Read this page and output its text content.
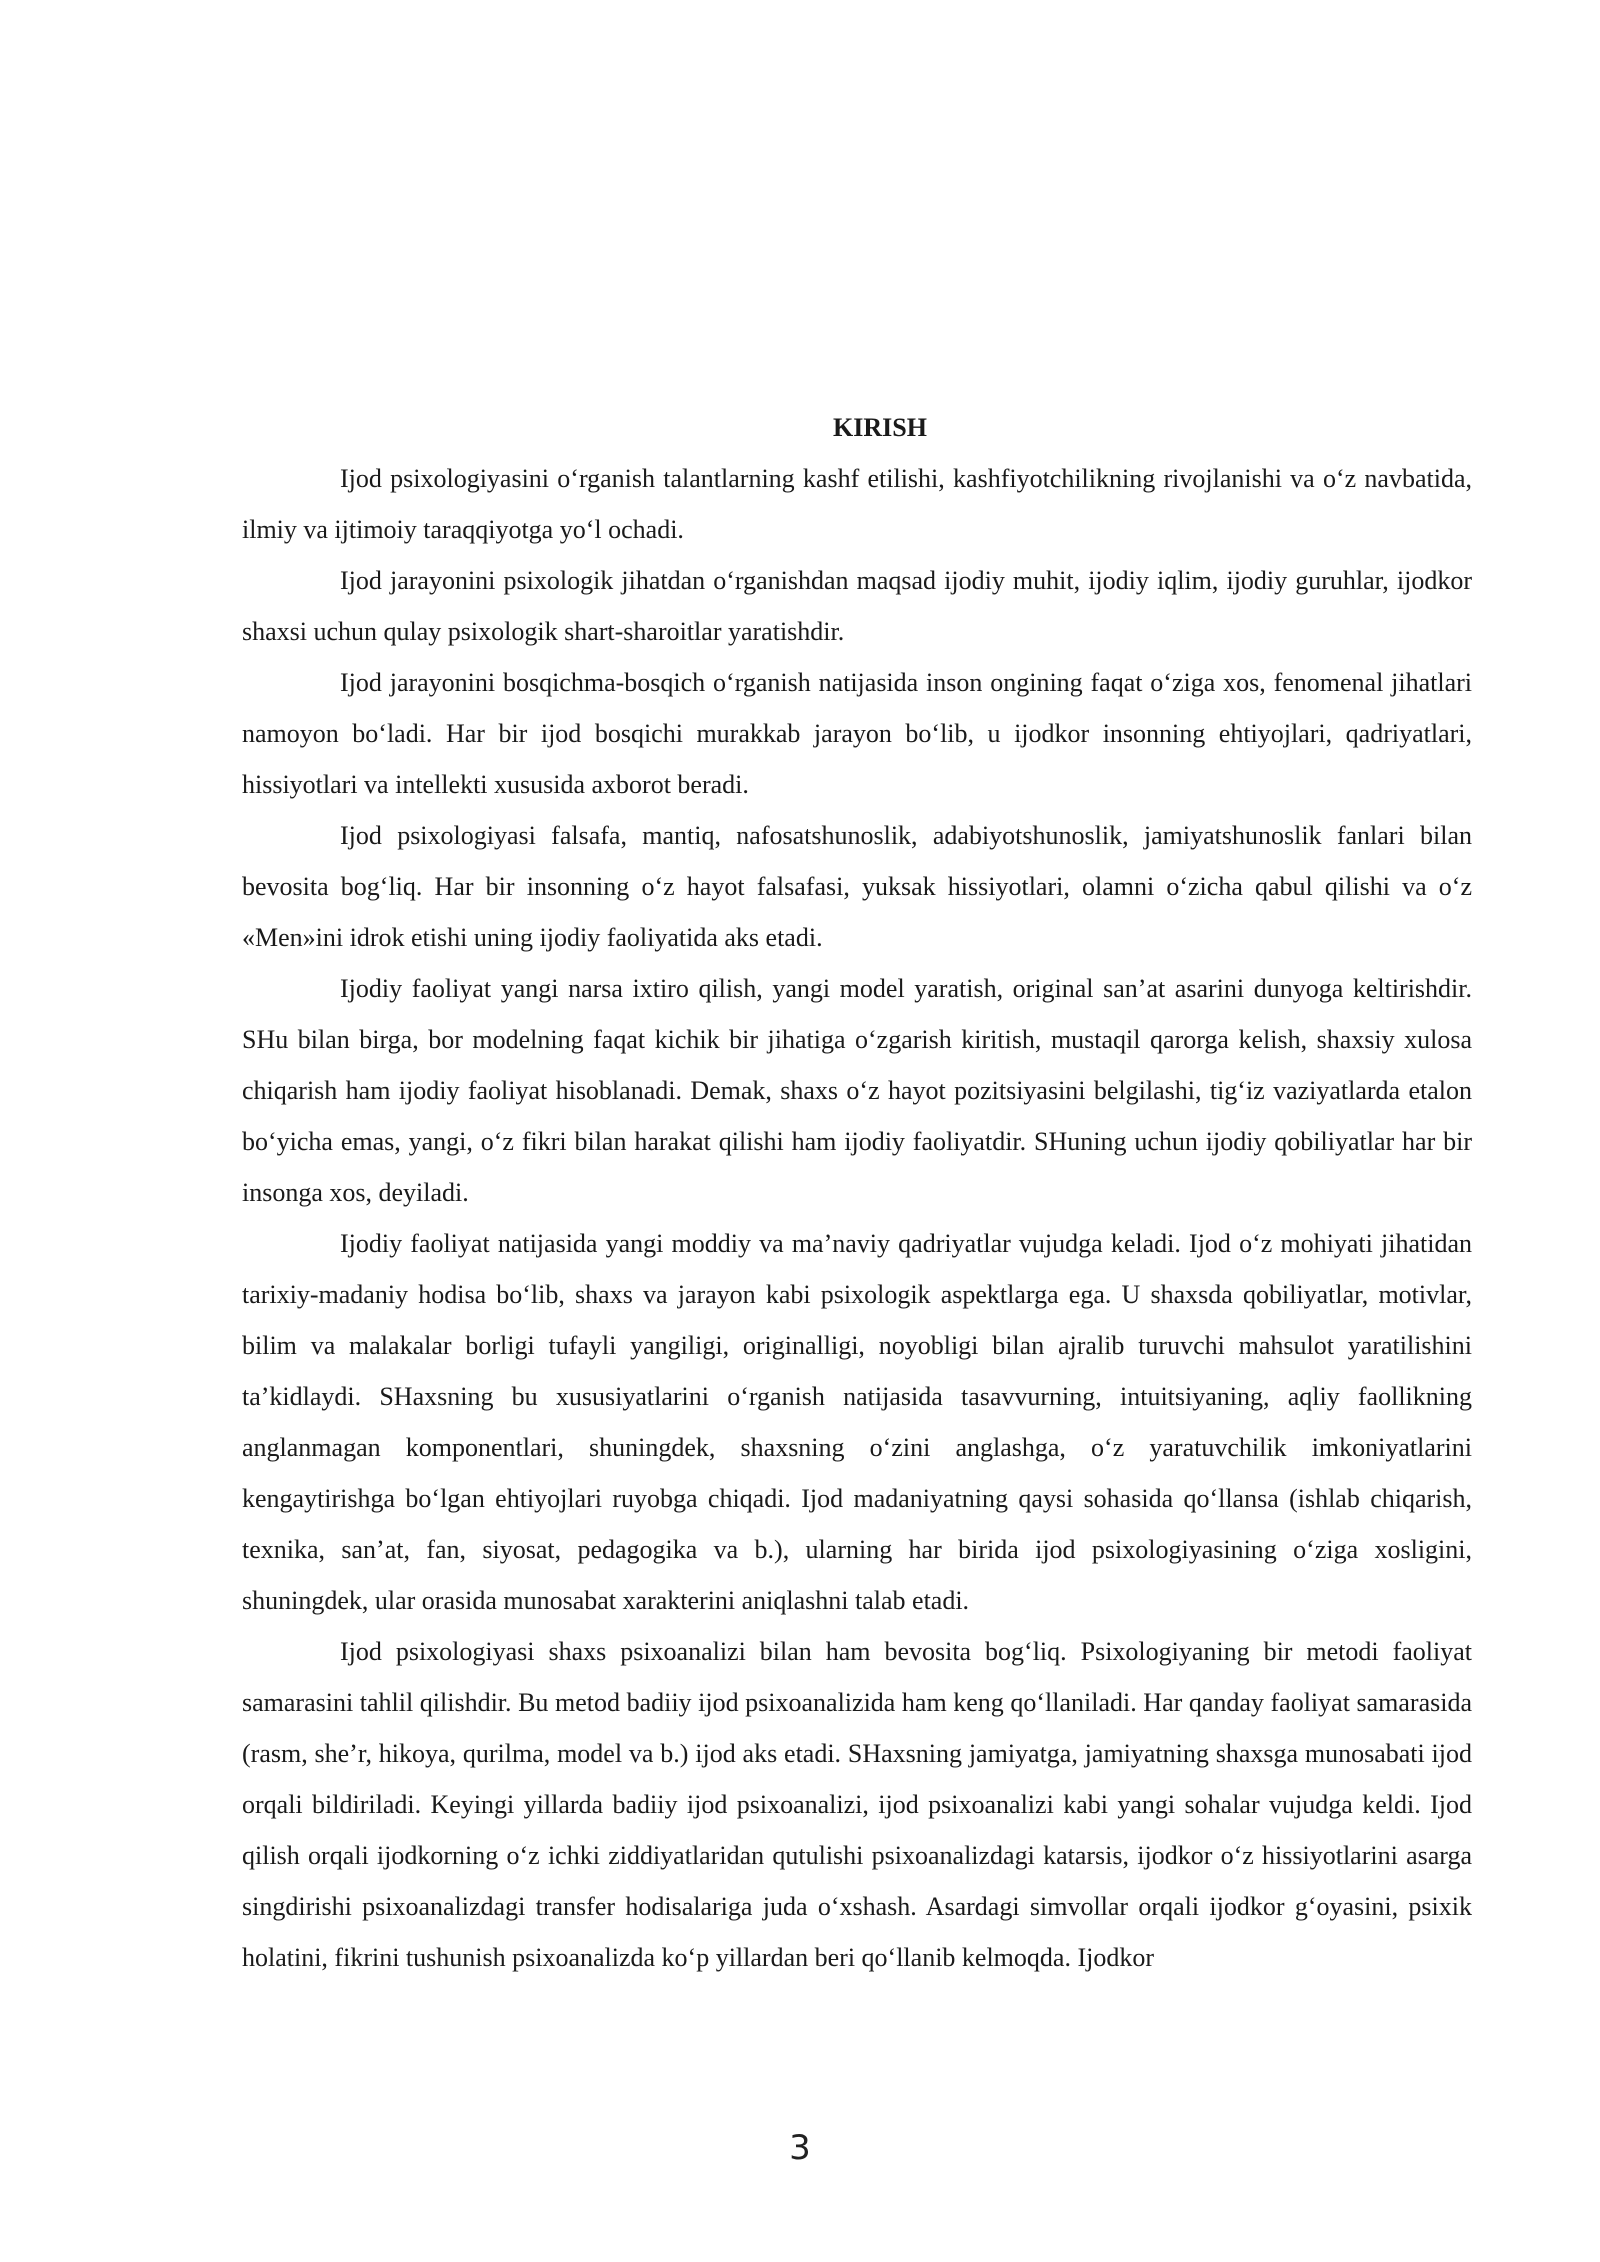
KIRISH

Ijod psixologiyasini o‘rganish talantlarning kashf etilishi, kashfiyotchilikning rivojlanishi va o‘z navbatida, ilmiy va ijtimoiy taraqqiyotga yo‘l ochadi.

Ijod jarayonini psixologik jihatdan o‘rganishdan maqsad ijodiy muhit, ijodiy iqlim, ijodiy guruhlar, ijodkor shaxsi uchun qulay psixologik shart-sharoitlar yaratishdir.

Ijod jarayonini bosqichma-bosqich o‘rganish natijasida inson ongining faqat o‘ziga xos, fenomenal jihatlari namoyon bo‘ladi. Har bir ijod bosqichi murakkab jarayon bo‘lib, u ijodkor insonning ehtiyojlari, qadriyatlari, hissiyotlari va intellekti xususida axborot beradi.

Ijod psixologiyasi falsafa, mantiq, nafosatshunoslik, adabiyotshunoslik, jamiyatshunoslik fanlari bilan bevosita bog‘liq. Har bir insonning o‘z hayot falsafasi, yuksak hissiyotlari, olamni o‘zicha qabul qilishi va o‘z «Men»ini idrok etishi uning ijodiy faoliyatida aks etadi.

Ijodiy faoliyat yangi narsa ixtiro qilish, yangi model yaratish, original san’at asarini dunyoga keltirishdir. SHu bilan birga, bor modelning faqat kichik bir jihatiga o‘zgarish kiritish, mustaqil qarorga kelish, shaxsiy xulosa chiqarish ham ijodiy faoliyat hisoblanadi. Demak, shaxs o‘z hayot pozitsiyasini belgilashi, tig‘iz vaziyatlarda etalon bo‘yicha emas, yangi, o‘z fikri bilan harakat qilishi ham ijodiy faoliyatdir. SHuning uchun ijodiy qobiliyatlar har bir insonga xos, deyiladi.

Ijodiy faoliyat natijasida yangi moddiy va ma’naviy qadriyatlar vujudga keladi. Ijod o‘z mohiyati jihatidan tarixiy-madaniy hodisa bo‘lib, shaxs va jarayon kabi psixologik aspektlarga ega. U shaxsda qobiliyatlar, motivlar, bilim va malakalar borligi tufayli yangiligi, originalligi, noyobligi bilan ajralib turuvchi mahsulot yaratilishini ta’kidlaydi. SHaxsning bu xususiyatlarini o‘rganish natijasida tasavvurning, intuitsiyaning, aqliy faollikning anglanmagan komponentlari, shuningdek, shaxsning o‘zini anglashga, o‘z yaratuvchilik imkoniyatlarini kengaytirishga bo‘lgan ehtiyojlari ruyobga chiqadi. Ijod madaniyatning qaysi sohasida qo‘llansa (ishlab chiqarish, texnika, san’at, fan, siyosat, pedagogika va b.), ularning har birida ijod psixologiyasining o‘ziga xosligini, shuningdek, ular orasida munosabat xarakterini aniqlashni talab etadi.

Ijod psixologiyasi shaxs psixoanalizi bilan ham bevosita bog‘liq. Psixologiyaning bir metodi faoliyat samarasini tahlil qilishdir. Bu metod badiiy ijod psixoanalizida ham keng qo‘llaniladi. Har qanday faoliyat samarasida (rasm, she’r, hikoya, qurilma, model va b.) ijod aks etadi. SHaxsning jamiyatga, jamiyatning shaxsga munosabati ijod orqali bildiriladi. Keyingi yillarda badiiy ijod psixoanalizi, ijod psixoanalizi kabi yangi sohalar vujudga keldi. Ijod qilish orqali ijodkorning o‘z ichki ziddiyatlaridan qutulishi psixoanalizdagi katarsis, ijodkor o‘z hissiyotlarini asarga singdirishi psixoanalizdagi transfer hodisalariga juda o‘xshash. Asardagi simvollar orqali ijodkor g‘oyasini, psixik holatini, fikrini tushunish psixoanalizda ko‘p yillardan beri qo‘llanib kelmoqda. Ijodkor

3
